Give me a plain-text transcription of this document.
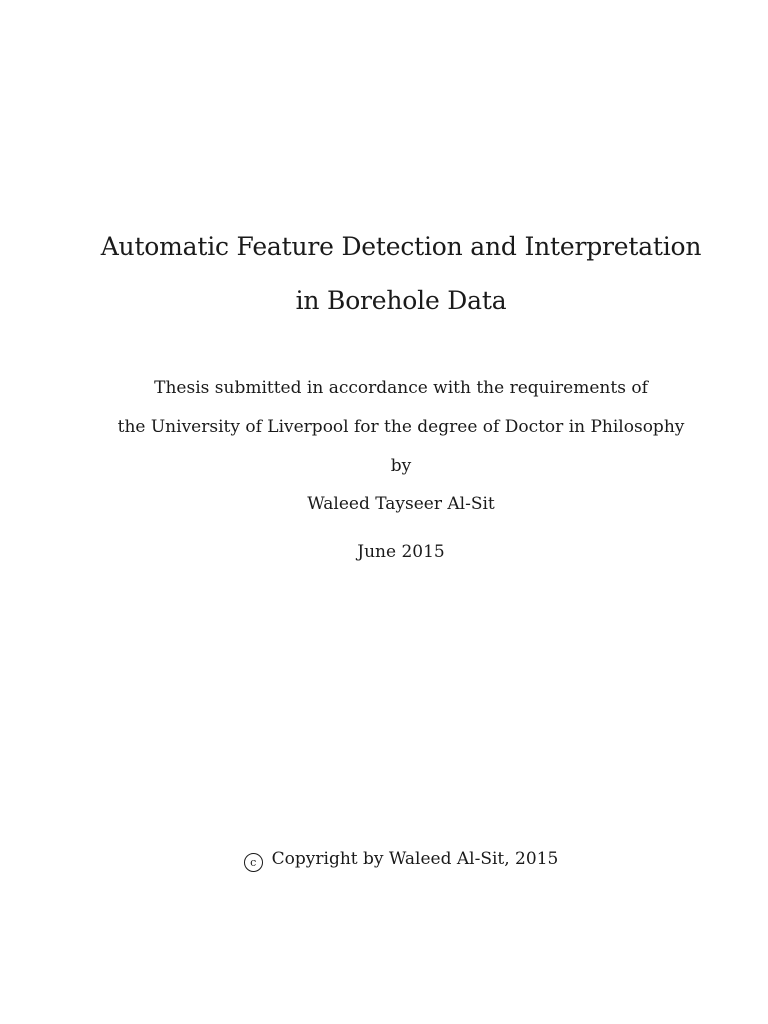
Automatic Feature Detection and Interpretation
in Borehole Data
Thesis submitted in accordance with the requirements of
the University of Liverpool for the degree of Doctor in Philosophy
by
Waleed Tayseer Al-Sit
June 2015
c Copyright by Waleed Al-Sit, 2015
